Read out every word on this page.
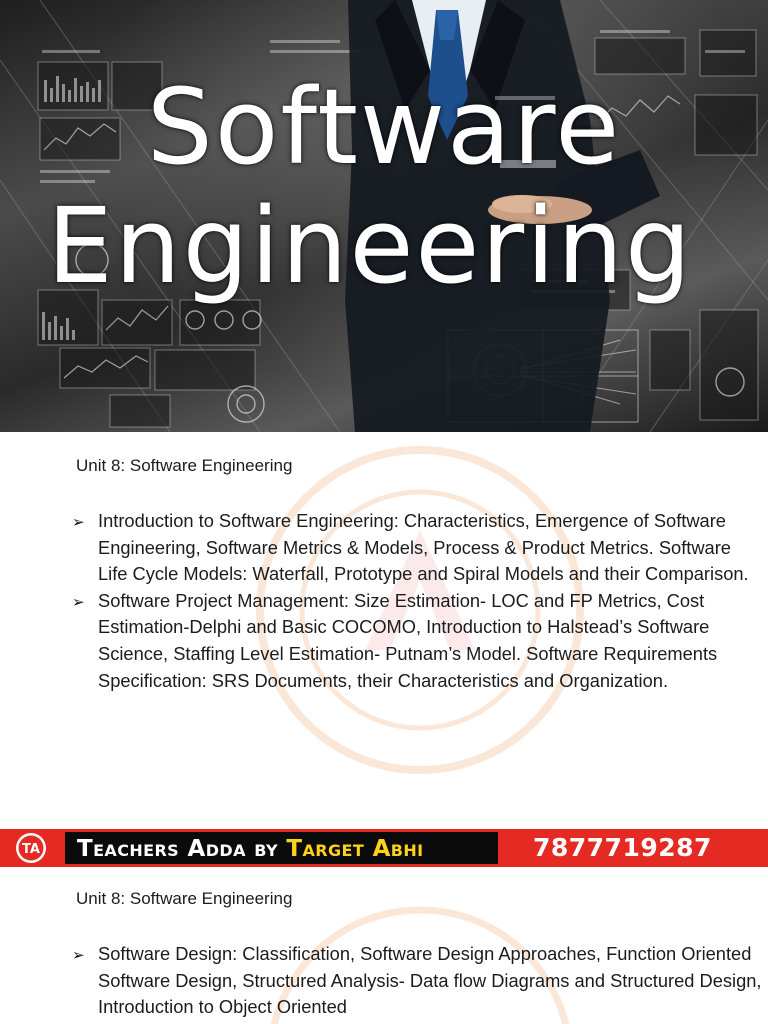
Software
Engineering
Unit 8: Software Engineering
➢ Introduction to Software Engineering: Characteristics, Emergence of Software Engineering, Software Metrics & Models, Process & Product Metrics. Software Life Cycle Models: Waterfall, Prototype and Spiral Models and their Comparison.
➢ Software Project Management: Size Estimation- LOC and FP Metrics, Cost Estimation-Delphi and Basic COCOMO, Introduction to Halstead’s Software Science, Staffing Level Estimation- Putnam’s Model. Software Requirements Specification: SRS Documents, their Characteristics and Organization.
TA Teachers Adda by Target Abhi	7877719287

Unit 8: Software Engineering
➢ Software Design: Classification, Software Design Approaches, Function Oriented Software Design, Structured Analysis- Data flow Diagrams and Structured Design, Introduction to Object Oriented
